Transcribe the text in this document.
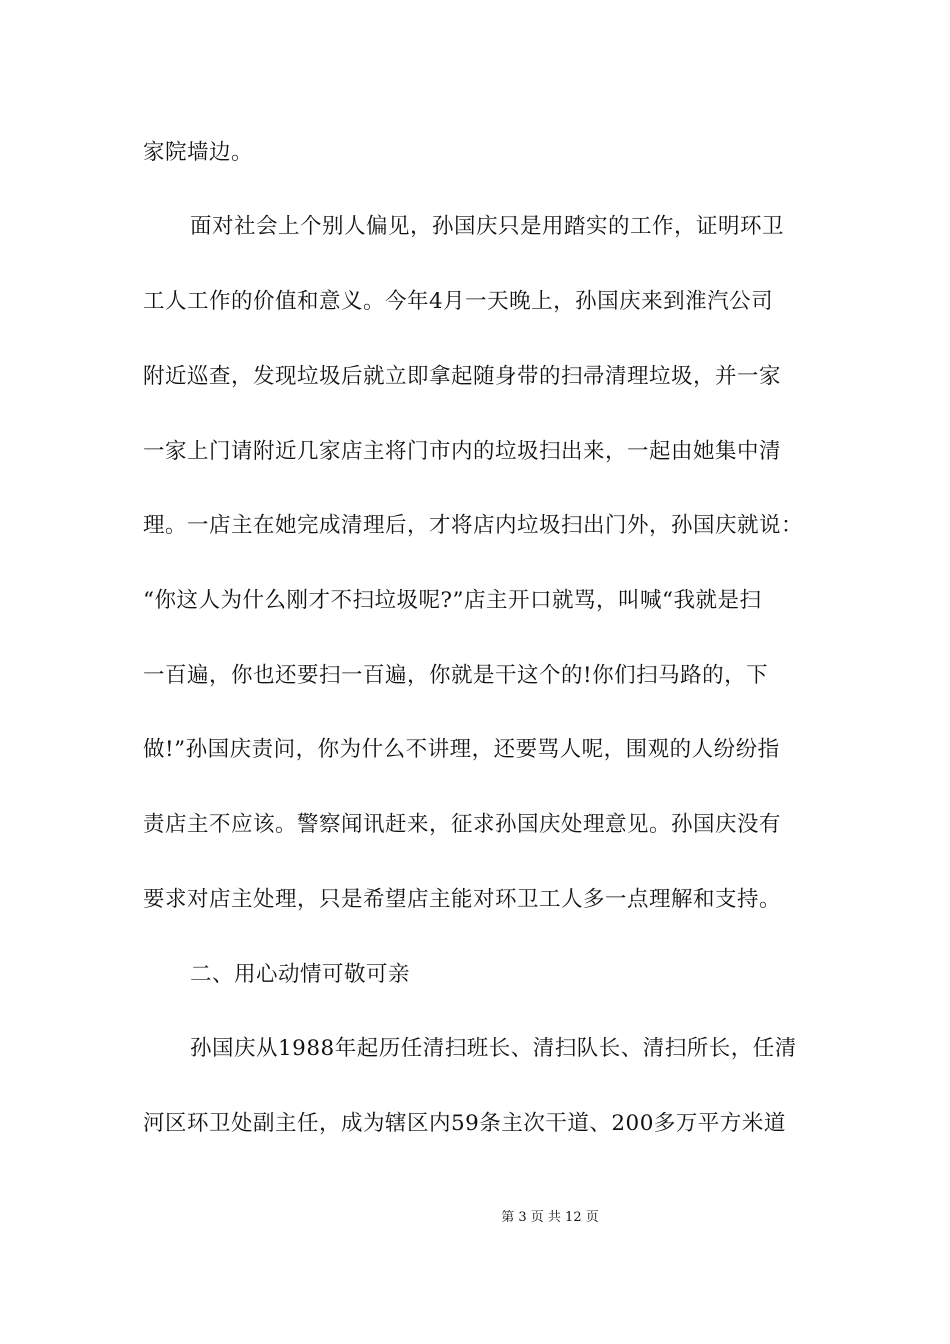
家院墙边。
面对社会上个别人偏见，孙国庆只是用踏实的工作，证明环卫
工人工作的价值和意义。今年4月一天晚上，孙国庆来到淮汽公司
附近巡查，发现垃圾后就立即拿起随身带的扫帚清理垃圾，并一家
一家上门请附近几家店主将门市内的垃圾扫出来，一起由她集中清
理。一店主在她完成清理后，才将店内垃圾扫出门外，孙国庆就说：
“你这人为什么刚才不扫垃圾呢?”店主开口就骂，叫喊“我就是扫
一百遍，你也还要扫一百遍，你就是干这个的!你们扫马路的，下
做!”孙国庆责问，你为什么不讲理，还要骂人呢，围观的人纷纷指
责店主不应该。警察闻讯赶来，征求孙国庆处理意见。孙国庆没有
要求对店主处理，只是希望店主能对环卫工人多一点理解和支持。
二、用心动情可敬可亲
孙国庆从1988年起历任清扫班长、清扫队长、清扫所长，任清
河区环卫处副主任，成为辖区内59条主次干道、200多万平方米道
第 3 页 共 12 页
